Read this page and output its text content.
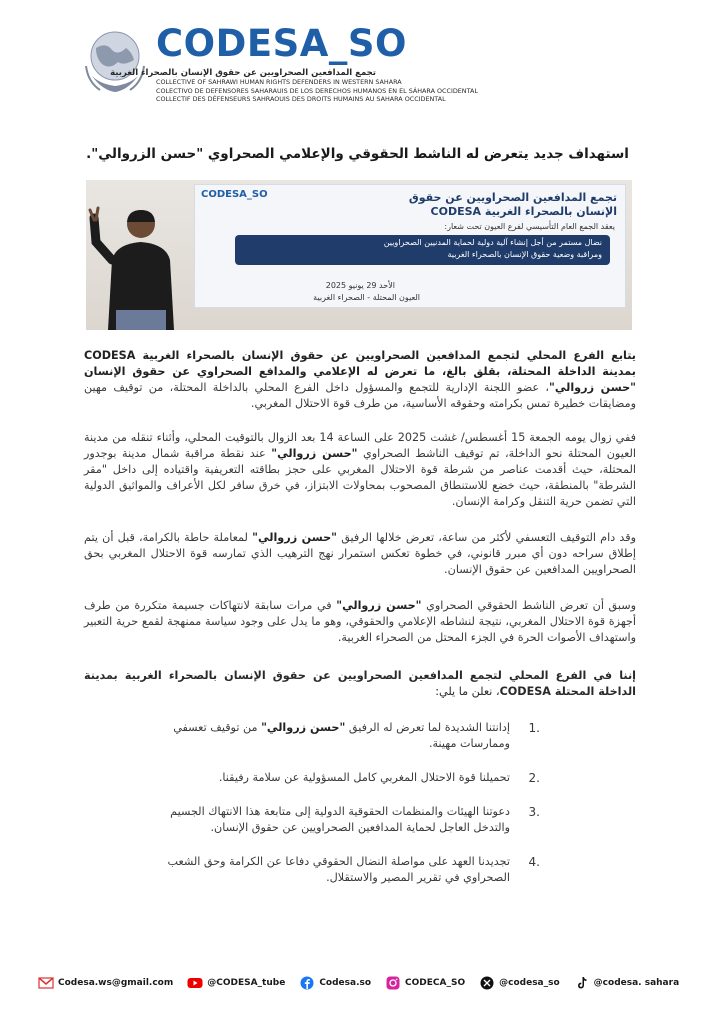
CODESA_SO
تجمع المدافعين الصحراويين عن حقوق الإنسان بالصحراء الغربية
COLLECTIVE OF SAHRAWI HUMAN RIGHTS DEFENDERS IN WESTERN SAHARA
COLECTIVO DE DEFENSORES SAHARAUIS DE LOS DERECHOS HUMANOS EN EL SÁHARA OCCIDENTAL
COLLECTIF DES DÉFENSEURS SAHRAOUIS DES DROITS HUMAINS AU SAHARA OCCIDENTAL
استهداف جديد يتعرض له الناشط الحقوقي والإعلامي الصحراوي "حسن الزروالي".
CODESA_SO	تجمع المدافعين الصحراويين عن حقوق
الإنسان بالصحراء الغربية CODESA
يعقد الجمع العام التأسيسي لفرع العيون تحت شعار:
نضال مستمر من أجل إنشاء آلية دولية لحماية المدنيين الصحراويين
ومراقبة وضعية حقوق الإنسان بالصحراء الغربية
الأحد 29 يونيو 2025
العيون المحتلة - الصحراء الغربية
يتابع الفرع المحلي لتجمع المدافعين الصحراويين عن حقوق الإنسان بالصحراء الغربية CODESA بمدينة الداخلة المحتلة، بقلق بالغ، ما تعرض له الإعلامي والمدافع الصحراوي عن حقوق الإنسان "حسن زروالي"، عضو اللجنة الإدارية للتجمع والمسؤول داخل الفرع المحلي بالداخلة المحتلة، من توقيف مهين ومضايقات خطيرة تمس بكرامته وحقوقه الأساسية، من طرف قوة الاحتلال المغربي.
ففي زوال يومه الجمعة 15 أغسطس/ غشت 2025 على الساعة 14 بعد الزوال بالتوقيت المحلي، وأثناء تنقله من مدينة العيون المحتلة نحو الداخلة، تم توقيف الناشط الصحراوي "حسن زروالي" عند نقطة مراقبة شمال مدينة بوجدور المحتلة، حيث أقدمت عناصر من شرطة قوة الاحتلال المغربي على حجز بطاقته التعريفية واقتياده إلى داخل "مقر الشرطة" بالمنطقة، حيث خضع للاستنطاق المصحوب بمحاولات الابتزاز، في خرق سافر لكل الأعراف والمواثيق الدولية التي تضمن حرية التنقل وكرامة الإنسان.
وقد دام التوقيف التعسفي لأكثر من ساعة، تعرض خلالها الرفيق "حسن زروالي" لمعاملة حاطة بالكرامة، قبل أن يتم إطلاق سراحه دون أي مبرر قانوني، في خطوة تعكس استمرار نهج الترهيب الذي تمارسه قوة الاحتلال المغربي بحق الصحراويين المدافعين عن حقوق الإنسان.
وسبق أن تعرض الناشط الحقوقي الصحراوي "حسن زروالي" في مرات سابقة لانتهاكات جسيمة متكررة من طرف أجهزة قوة الاحتلال المغربي، نتيجة لنشاطه الإعلامي والحقوقي، وهو ما يدل على وجود سياسة ممنهجة لقمع حرية التعبير واستهداف الأصوات الحرة في الجزء المحتل من الصحراء الغربية.
إننا في الفرع المحلي لتجمع المدافعين الصحراويين عن حقوق الإنسان بالصحراء الغربية بمدينة الداخلة المحتلة CODESA، نعلن ما يلي:
.1
إدانتنا الشديدة لما تعرض له الرفيق "حسن زروالي" من توقيف تعسفي وممارسات مهينة.
.2
تحميلنا قوة الاحتلال المغربي كامل المسؤولية عن سلامة رفيقنا.
.3
دعوتنا الهيئات والمنظمات الحقوقية الدولية إلى متابعة هذا الانتهاك الجسيم والتدخل العاجل لحماية المدافعين الصحراويين عن حقوق الإنسان.
.4
تجديدنا العهد على مواصلة النضال الحقوقي دفاعا عن الكرامة وحق الشعب الصحراوي في تقرير المصير والاستقلال.
Codesa.ws@gmail.com	@CODESA_tube	Codesa.so	CODECA_SO	@codesa_so	@codesa. sahara
